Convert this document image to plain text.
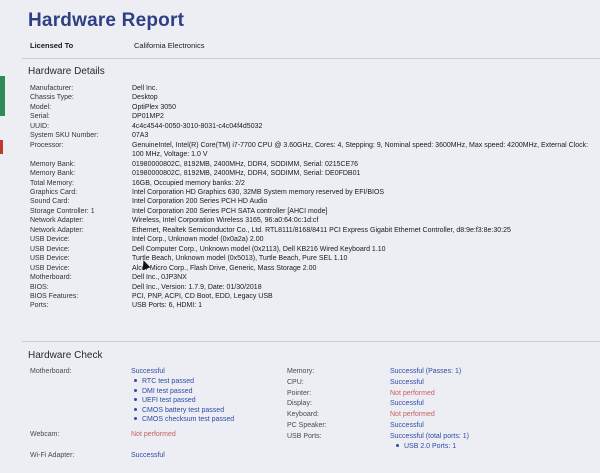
Hardware Report
Licensed To	California Electronics
Hardware Details
Manufacturer:	Dell Inc.
Chassis Type:	Desktop
Model:	OptiPlex 3050
Serial:	DP01MP2
UUID:	4c4c4544-0050-3010-8031-c4c04f4d5032
System SKU Number:	07A3
Processor:	GenuineIntel, Intel(R) Core(TM) i7-7700 CPU @ 3.60GHz, Cores: 4, Stepping: 9, Nominal speed: 3600MHz, Max speed: 4200MHz, External Clock: 100 MHz, Voltage: 1.0 V
Memory Bank:	01980000802C, 8192MB, 2400MHz, DDR4, SODIMM, Serial: 0215CE76
Memory Bank:	01980000802C, 8192MB, 2400MHz, DDR4, SODIMM, Serial: DE0FDB01
Total Memory:	16GB, Occupied memory banks: 2/2
Graphics Card:	Intel Corporation HD Graphics 630, 32MB System memory reserved by EFI/BIOS
Sound Card:	Intel Corporation 200 Series PCH HD Audio
Storage Controller: 1	Intel Corporation 200 Series PCH SATA controller [AHCI mode]
Network Adapter:	Wireless, Intel Corporation Wireless 3165, 96:a0:64:0c:1d:cf
Network Adapter:	Ethernet, Realtek Semiconductor Co., Ltd. RTL8111/8168/8411 PCI Express Gigabit Ethernet Controller, d8:9e:f3:8e:30:25
USB Device:	Intel Corp., Unknown model (0x0a2a) 2.00
USB Device:	Dell Computer Corp., Unknown model (0x2113), Dell KB216 Wired Keyboard 1.10
USB Device:	Turtle Beach, Unknown model (0x5013), Turtle Beach, Pure SEL 1.10
USB Device:	Alcor Micro Corp., Flash Drive, Generic, Mass Storage 2.00
Motherboard:	Dell Inc., 0JP3NX
BIOS:	Dell Inc., Version: 1.7.9, Date: 01/30/2018
BIOS Features:	PCI, PNP, ACPI, CD Boot, EDD, Legacy USB
Ports:	USB Ports: 6, HDMI: 1
Hardware Check
Motherboard:	Successful
RTC test passed
DMI test passed
UEFI test passed
CMOS battery test passed
CMOS checksum test passed
Webcam:	Not performed
Wi-Fi Adapter:	Successful
Memory:	Successful (Passes: 1)
CPU:	Successful
Pointer:	Not performed
Display:	Successful
Keyboard:	Not performed
PC Speaker:	Successful
USB Ports:	Successful (total ports: 1)
USB 2.0 Ports: 1
